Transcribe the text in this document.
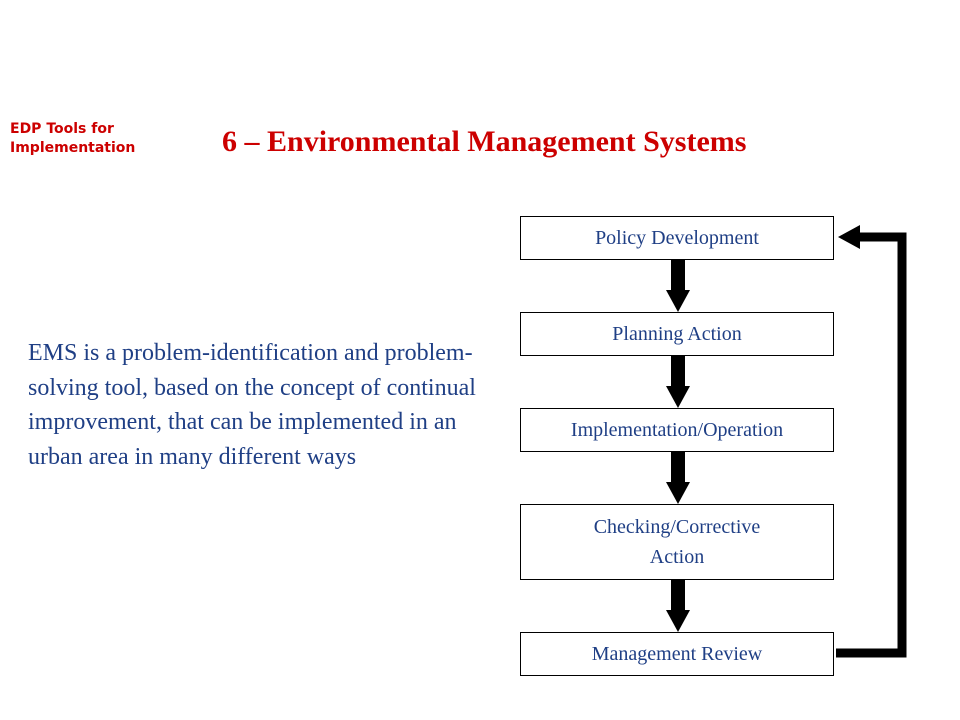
EDP Tools for
Implementation	6 – Environmental Management Systems

EMS is a problem-identification and problem-solving tool, based on the concept of continual improvement, that can be implemented in an urban area in many different ways

Policy Development
Planning Action
Implementation/Operation
Checking/Corrective
Action
Management Review
